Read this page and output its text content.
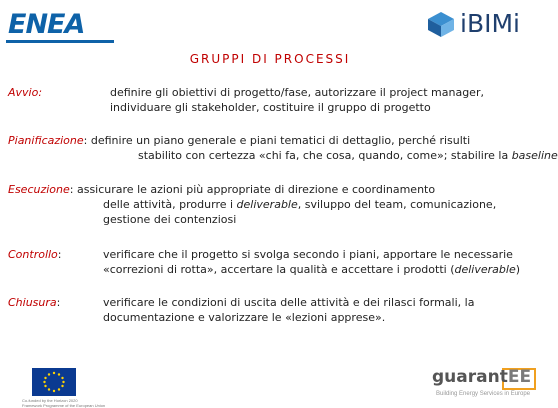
ENEA	iBIMi
GRUPPI DI PROCESSI
Avvio:	definire gli obiettivi di progetto/fase, autorizzare il project manager,
individuare gli stakeholder, costituire il gruppo di progetto
Pianificazione: definire un piano generale e piani tematici di dettaglio, perché risulti
stabilito con certezza «chi fa, che cosa, quando, come»; stabilire la baseline
Esecuzione: assicurare le azioni più appropriate di direzione e coordinamento
delle attività, produrre i deliverable, sviluppo del team, comunicazione,
gestione dei contenziosi
Controllo:	verificare che il progetto si svolga secondo i piani, apportare le necessarie
«correzioni di rotta», accertare la qualità e accettare i prodotti (deliverable)
Chiusura:	verificare le condizioni di uscita delle attività e dei rilasci formali, la
documentazione e valorizzare le «lezioni apprese».
Co-funded by the Horizon 2020
Framework Programme of the European Union
guarantEE
Building Energy Services in Europe
